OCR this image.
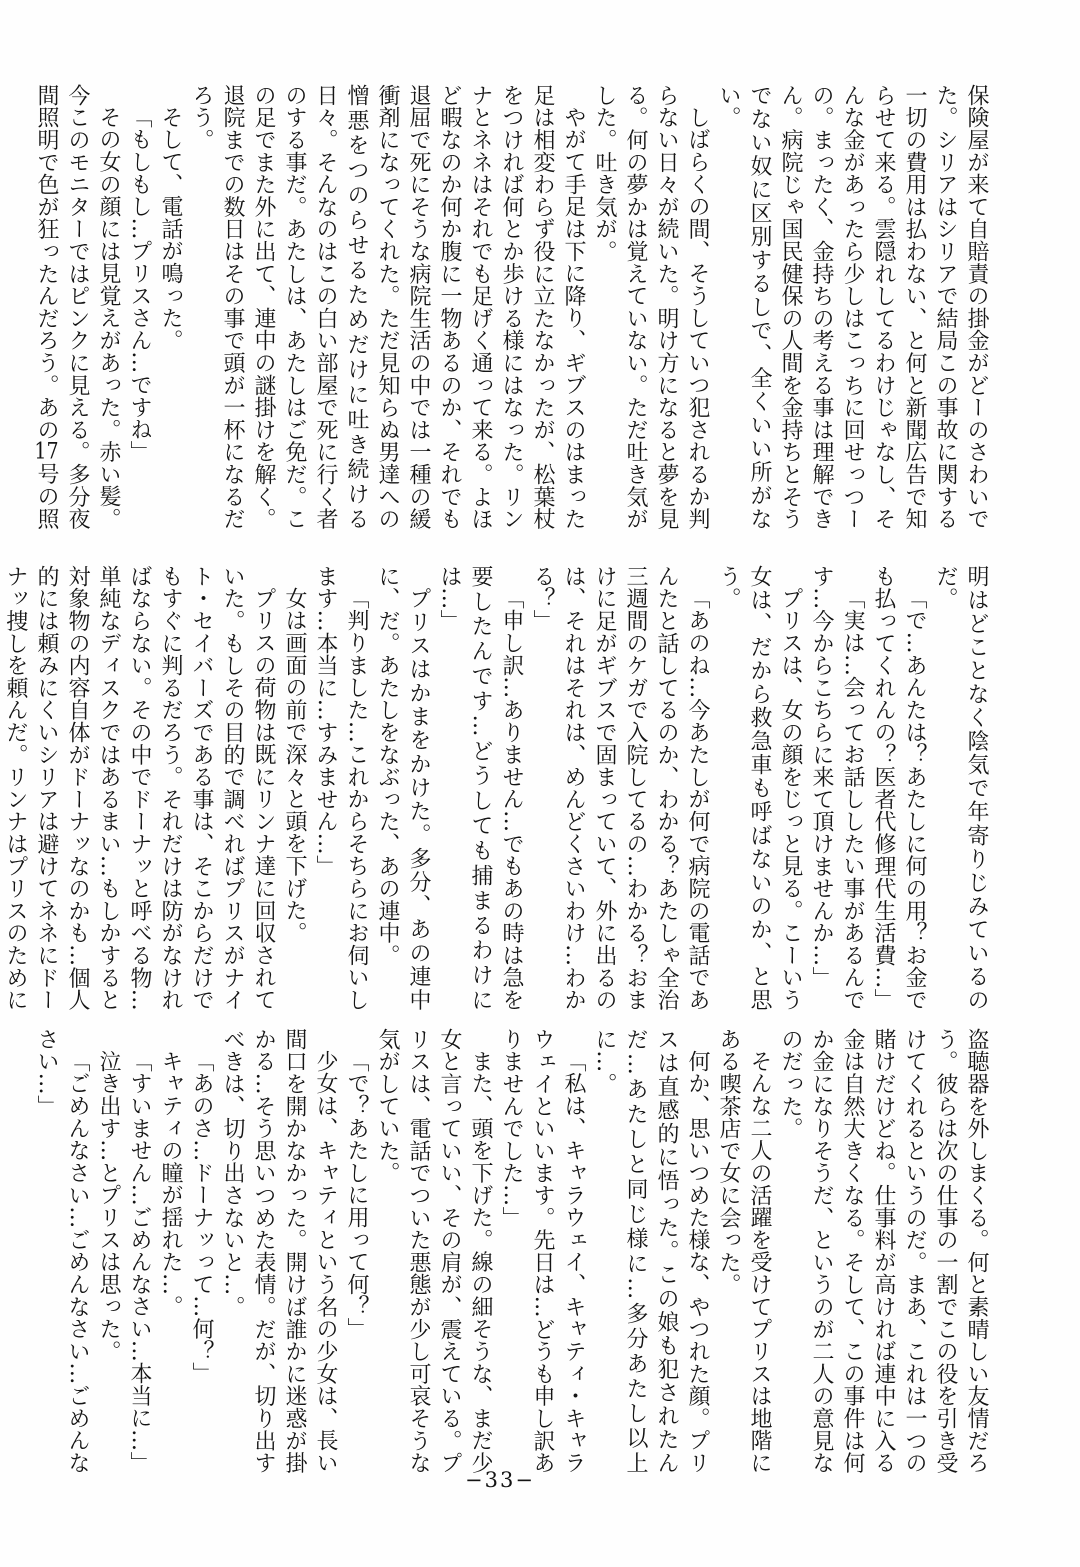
保険屋が来て自賠責の掛金がどーのさわいでた。シリアはシリアで結局この事故に関する一切の費用は払わない、と何と新聞広告で知らせて来る。雲隠れしてるわけじゃなし、そんな金があったら少しはこっちに回せっつーの。まったく、金持ちの考える事は理解できん。病院じゃ国民健保の人間を金持ちとそうでない奴に区別するしで、全くいい所がない。

しばらくの間、そうしていつ犯されるか判らない日々が続いた。明け方になると夢を見る。何の夢かは覚えていない。ただ吐き気がした。吐き気が。

やがて手足は下に降り、ギブスのはまった足は相変わらず役に立たなかったが、松葉杖をつければ何とか歩ける様にはなった。リンナとネネはそれでも足げく通って来る。よほど暇なのか何か腹に一物あるのか、それでも退屈で死にそうな病院生活の中では一種の緩衝剤になってくれた。ただ見知らぬ男達への憎悪をつのらせるためだけに吐き続ける日々。そんなのはこの白い部屋で死に行く者のする事だ。あたしは、あたしはご免だ。この足でまた外に出て、連中の謎掛けを解く。退院までの数日はその事で頭が一杯になるだろう。

そして、電話が鳴った。

「もしもし…プリスさん…ですね」

その女の顔には見覚えがあった。赤い髪。今このモニターではピンクに見える。多分夜間照明で色が狂ったんだろう。あの17号の照

明はどことなく陰気で年寄りじみているのだ。

「で…あんたは？あたしに何の用？お金でも払ってくれんの？医者代修理代生活費…」

「実は…会ってお話ししたい事があるんです…今からこちらに来て頂けませんか…」

プリスは、女の顔をじっと見る。こーいう女は、だから救急車も呼ばないのか、と思う。

「あのね…今あたしが何で病院の電話であんたと話してるのか、わかる？あたしゃ全治三週間のケガで入院してるの…わかる？おまけに足がギブスで固まっていて、外に出るのは、それはそれは、めんどくさいわけ…わかる？」

「申し訳…ありません…でもあの時は急を要したんです…どうしても捕まるわけには…」

プリスはかまをかけた。多分、あの連中に、だ。あたしをなぶった、あの連中。

「判りました…これからそちらにお伺いします…本当に…すみません…」

女は画面の前で深々と頭を下げた。

プリスの荷物は既にリンナ達に回収されていた。もしその目的で調べればプリスがナイト・セイバーズである事は、そこからだけでもすぐに判るだろう。それだけは防がなければならない。その中でドーナッと呼べる物…単純なディスクではあるまい…もしかすると対象物の内容自体がドーナッなのかも…個人的には頼みにくいシリアは避けてネネにドーナッ捜しを頼んだ。リンナはプリスのために

盗聴器を外しまくる。何と素晴しい友情だろう。彼らは次の仕事の一割でこの役を引き受けてくれるというのだ。まあ、これは一つの賭けだけどね。仕事料が高ければ連中に入る金は自然大きくなる。そして、この事件は何か金になりそうだ、というのが二人の意見なのだった。

そんな二人の活躍を受けてプリスは地階にある喫茶店で女に会った。

何か、思いつめた様な、やつれた顔。プリスは直感的に悟った。この娘も犯されたんだ…あたしと同じ様に…多分あたし以上に…。

「私は、キャラウェイ、キャティ・キャラウェイといいます。先日は…どうも申し訳ありませんでした…」

また、頭を下げた。線の細そうな、まだ少女と言っていい、その肩が、震えている。プリスは、電話でついた悪態が少し可哀そうな気がしていた。

「で？あたしに用って何？」

少女は、キャティという名の少女は、長い間口を開かなかった。開けば誰かに迷惑が掛かる…そう思いつめた表情。だが、切り出すべきは、切り出さないと…。

「あのさ…ドーナッって…何？」

キャティの瞳が揺れた…。

「すいません…ごめんなさい…本当に…」

泣き出す…とプリスは思った。

「ごめんなさい…ごめんなさい…ごめんなさい…」

−33−
